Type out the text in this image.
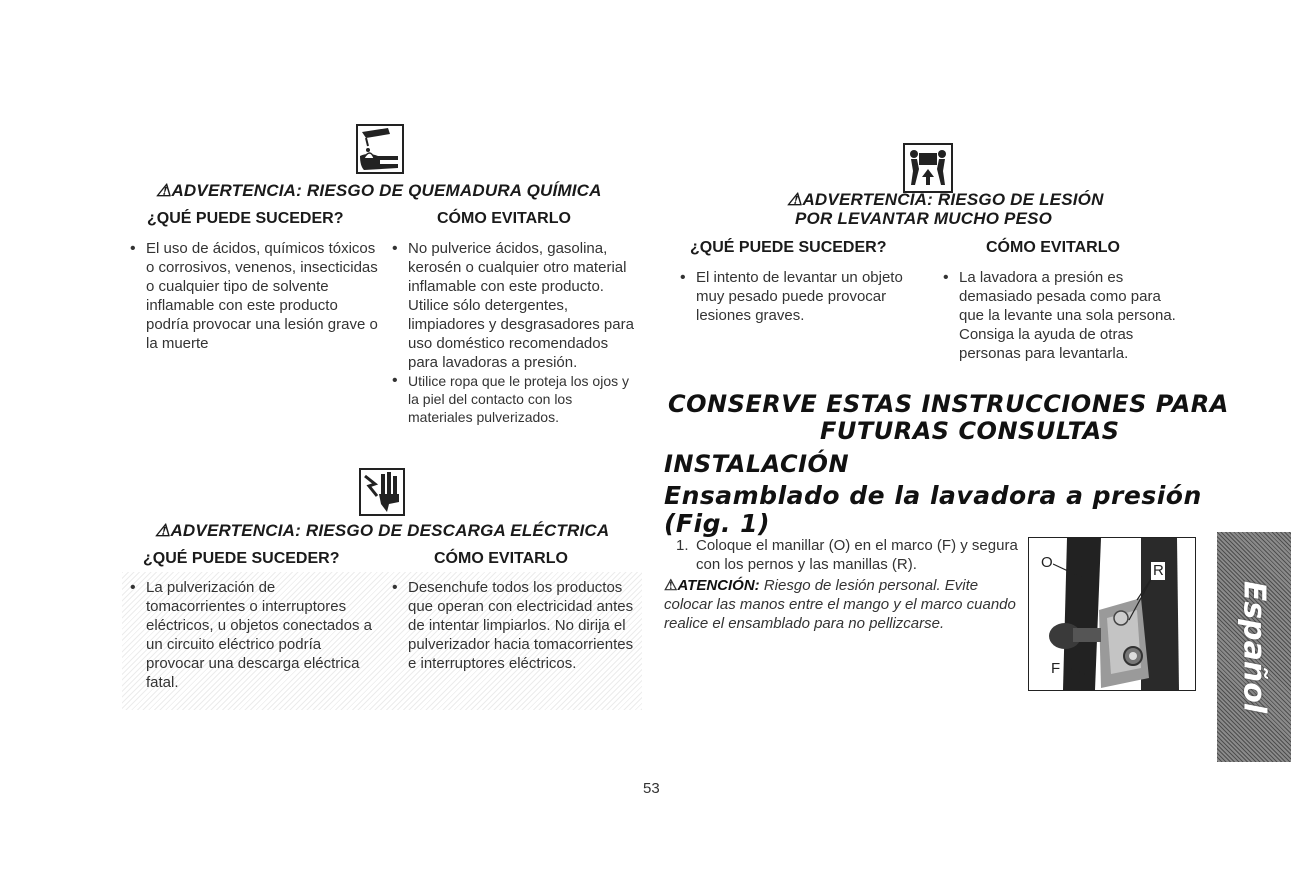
⚠ADVERTENCIA: RIESGO DE QUEMADURA QUÍMICA
¿QUÉ PUEDE SUCEDER?	CÓMO EVITARLO
• El uso de ácidos, químicos tóxicos o corrosivos, venenos, insecticidas o cualquier tipo de solvente inflamable con este producto podría provocar una lesión grave o la muerte
• No pulverice ácidos, gasolina, kerosén o cualquier otro material inflamable con este producto. Utilice sólo detergentes, limpiadores y desgrasadores para uso doméstico recomendados para lavadoras a presión.
• Utilice ropa que le proteja los ojos y la piel del contacto con los materiales pulverizados.
⚠ADVERTENCIA: RIESGO DE DESCARGA ELÉCTRICA
¿QUÉ PUEDE SUCEDER?	CÓMO EVITARLO
• La pulverización de tomacorrientes o interruptores eléctricos, u objetos conectados a un circuito eléctrico podría provocar una descarga eléctrica fatal.
• Desenchufe todos los productos que operan con electricidad antes de intentar limpiarlos. No dirija el pulverizador hacia tomacorrientes e interruptores eléctricos.
⚠ADVERTENCIA: RIESGO DE LESIÓN
POR LEVANTAR MUCHO PESO
¿QUÉ PUEDE SUCEDER?	CÓMO EVITARLO
• El intento de levantar un objeto muy pesado puede provocar lesiones graves.
• La lavadora a presión es demasiado pesada como para que la levante una sola persona. Consiga la ayuda de otras personas para levantarla.
CONSERVE ESTAS INSTRUCCIONES PARA
FUTURAS CONSULTAS
INSTALACIÓN
Ensamblado de la lavadora a presión
(Fig. 1)
1. Coloque el manillar (O) en el marco (F) y segura con los pernos y las manillas (R).
⚠ATENCIÓN: Riesgo de lesión personal. Evite colocar las manos entre el mango y el marco cuando realice el ensamblado para no pellizcarse.
O	R
F	Español
53
